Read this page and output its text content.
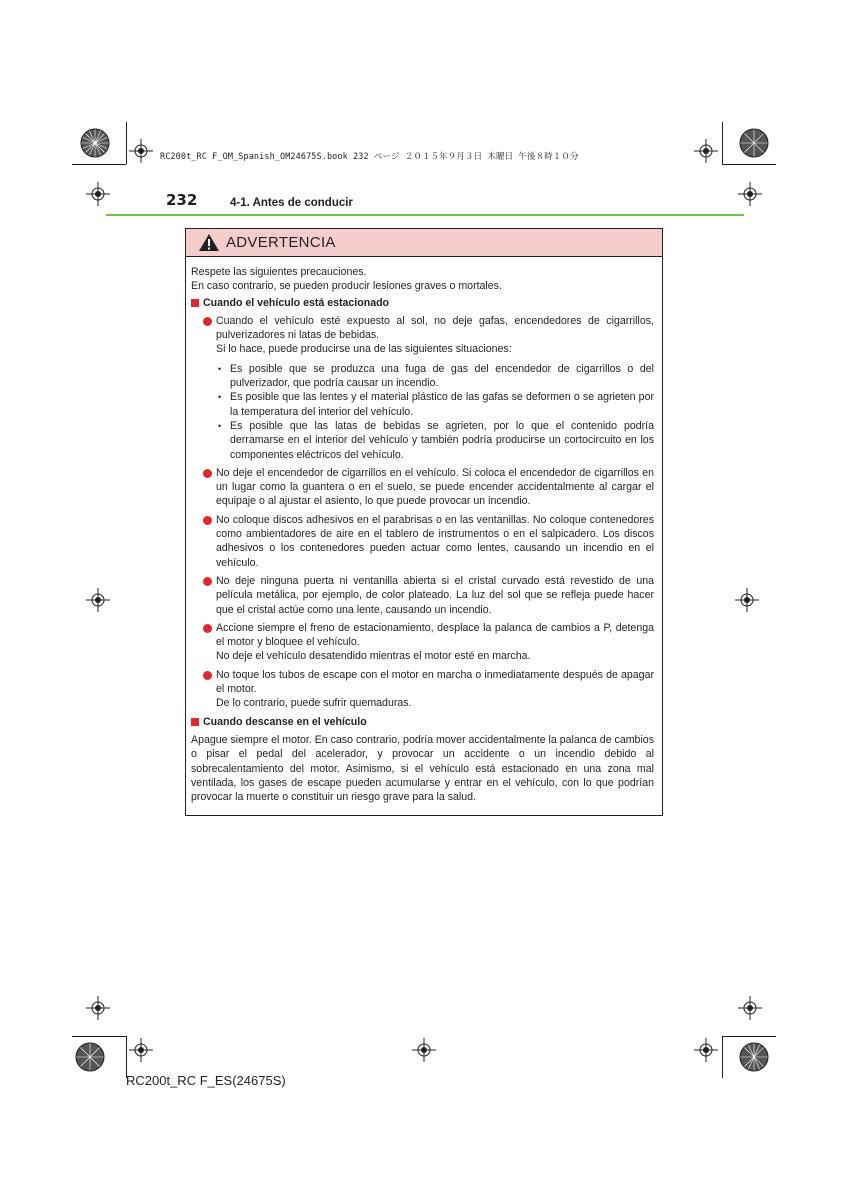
RC200t_RC F_OM_Spanish_OM24675S.book 232 ページ ２０１５年９月３日 木曜日 午後８時１０分
232	4-1. Antes de conducir
ADVERTENCIA

Respete las siguientes precauciones.
En caso contrario, se pueden producir lesiones graves o mortales.

Cuando el vehículo está estacionado
Cuando el vehículo esté expuesto al sol, no deje gafas, encendedores de cigarrillos, pulverizadores ni latas de bebidas.
Si lo hace, puede producirse una de las siguientes situaciones:
• Es posible que se produzca una fuga de gas del encendedor de cigarrillos o del pulverizador, que podría causar un incendio.
• Es posible que las lentes y el material plástico de las gafas se deformen o se agrieten por la temperatura del interior del vehículo.
• Es posible que las latas de bebidas se agrieten, por lo que el contenido podría derramarse en el interior del vehículo y también podría producirse un cortocircuito en los componentes eléctricos del vehículo.
No deje el encendedor de cigarrillos en el vehículo. Si coloca el encendedor de cigarrillos en un lugar como la guantera o en el suelo, se puede encender accidentalmente al cargar el equipaje o al ajustar el asiento, lo que puede provocar un incendio.
No coloque discos adhesivos en el parabrisas o en las ventanillas. No coloque contenedores como ambientadores de aire en el tablero de instrumentos o en el salpicadero. Los discos adhesivos o los contenedores pueden actuar como lentes, causando un incendio en el vehículo.
No deje ninguna puerta ni ventanilla abierta si el cristal curvado está revestido de una película metálica, por ejemplo, de color plateado. La luz del sol que se refleja puede hacer que el cristal actúe como una lente, causando un incendio.
Accione siempre el freno de estacionamiento, desplace la palanca de cambios a P, detenga el motor y bloquee el vehículo.
No deje el vehículo desatendido mientras el motor esté en marcha.
No toque los tubos de escape con el motor en marcha o inmediatamente después de apagar el motor.
De lo contrario, puede sufrir quemaduras.
Cuando descanse en el vehículo

Apague siempre el motor. En caso contrario, podría mover accidentalmente la palanca de cambios o pisar el pedal del acelerador, y provocar un accidente o un incendio debido al sobrecalentamiento del motor. Asimismo, si el vehículo está estacionado en una zona mal ventilada, los gases de escape pueden acumularse y entrar en el vehículo, con lo que podrían provocar la muerte o constituir un riesgo grave para la salud.

RC200t_RC F_ES(24675S)
